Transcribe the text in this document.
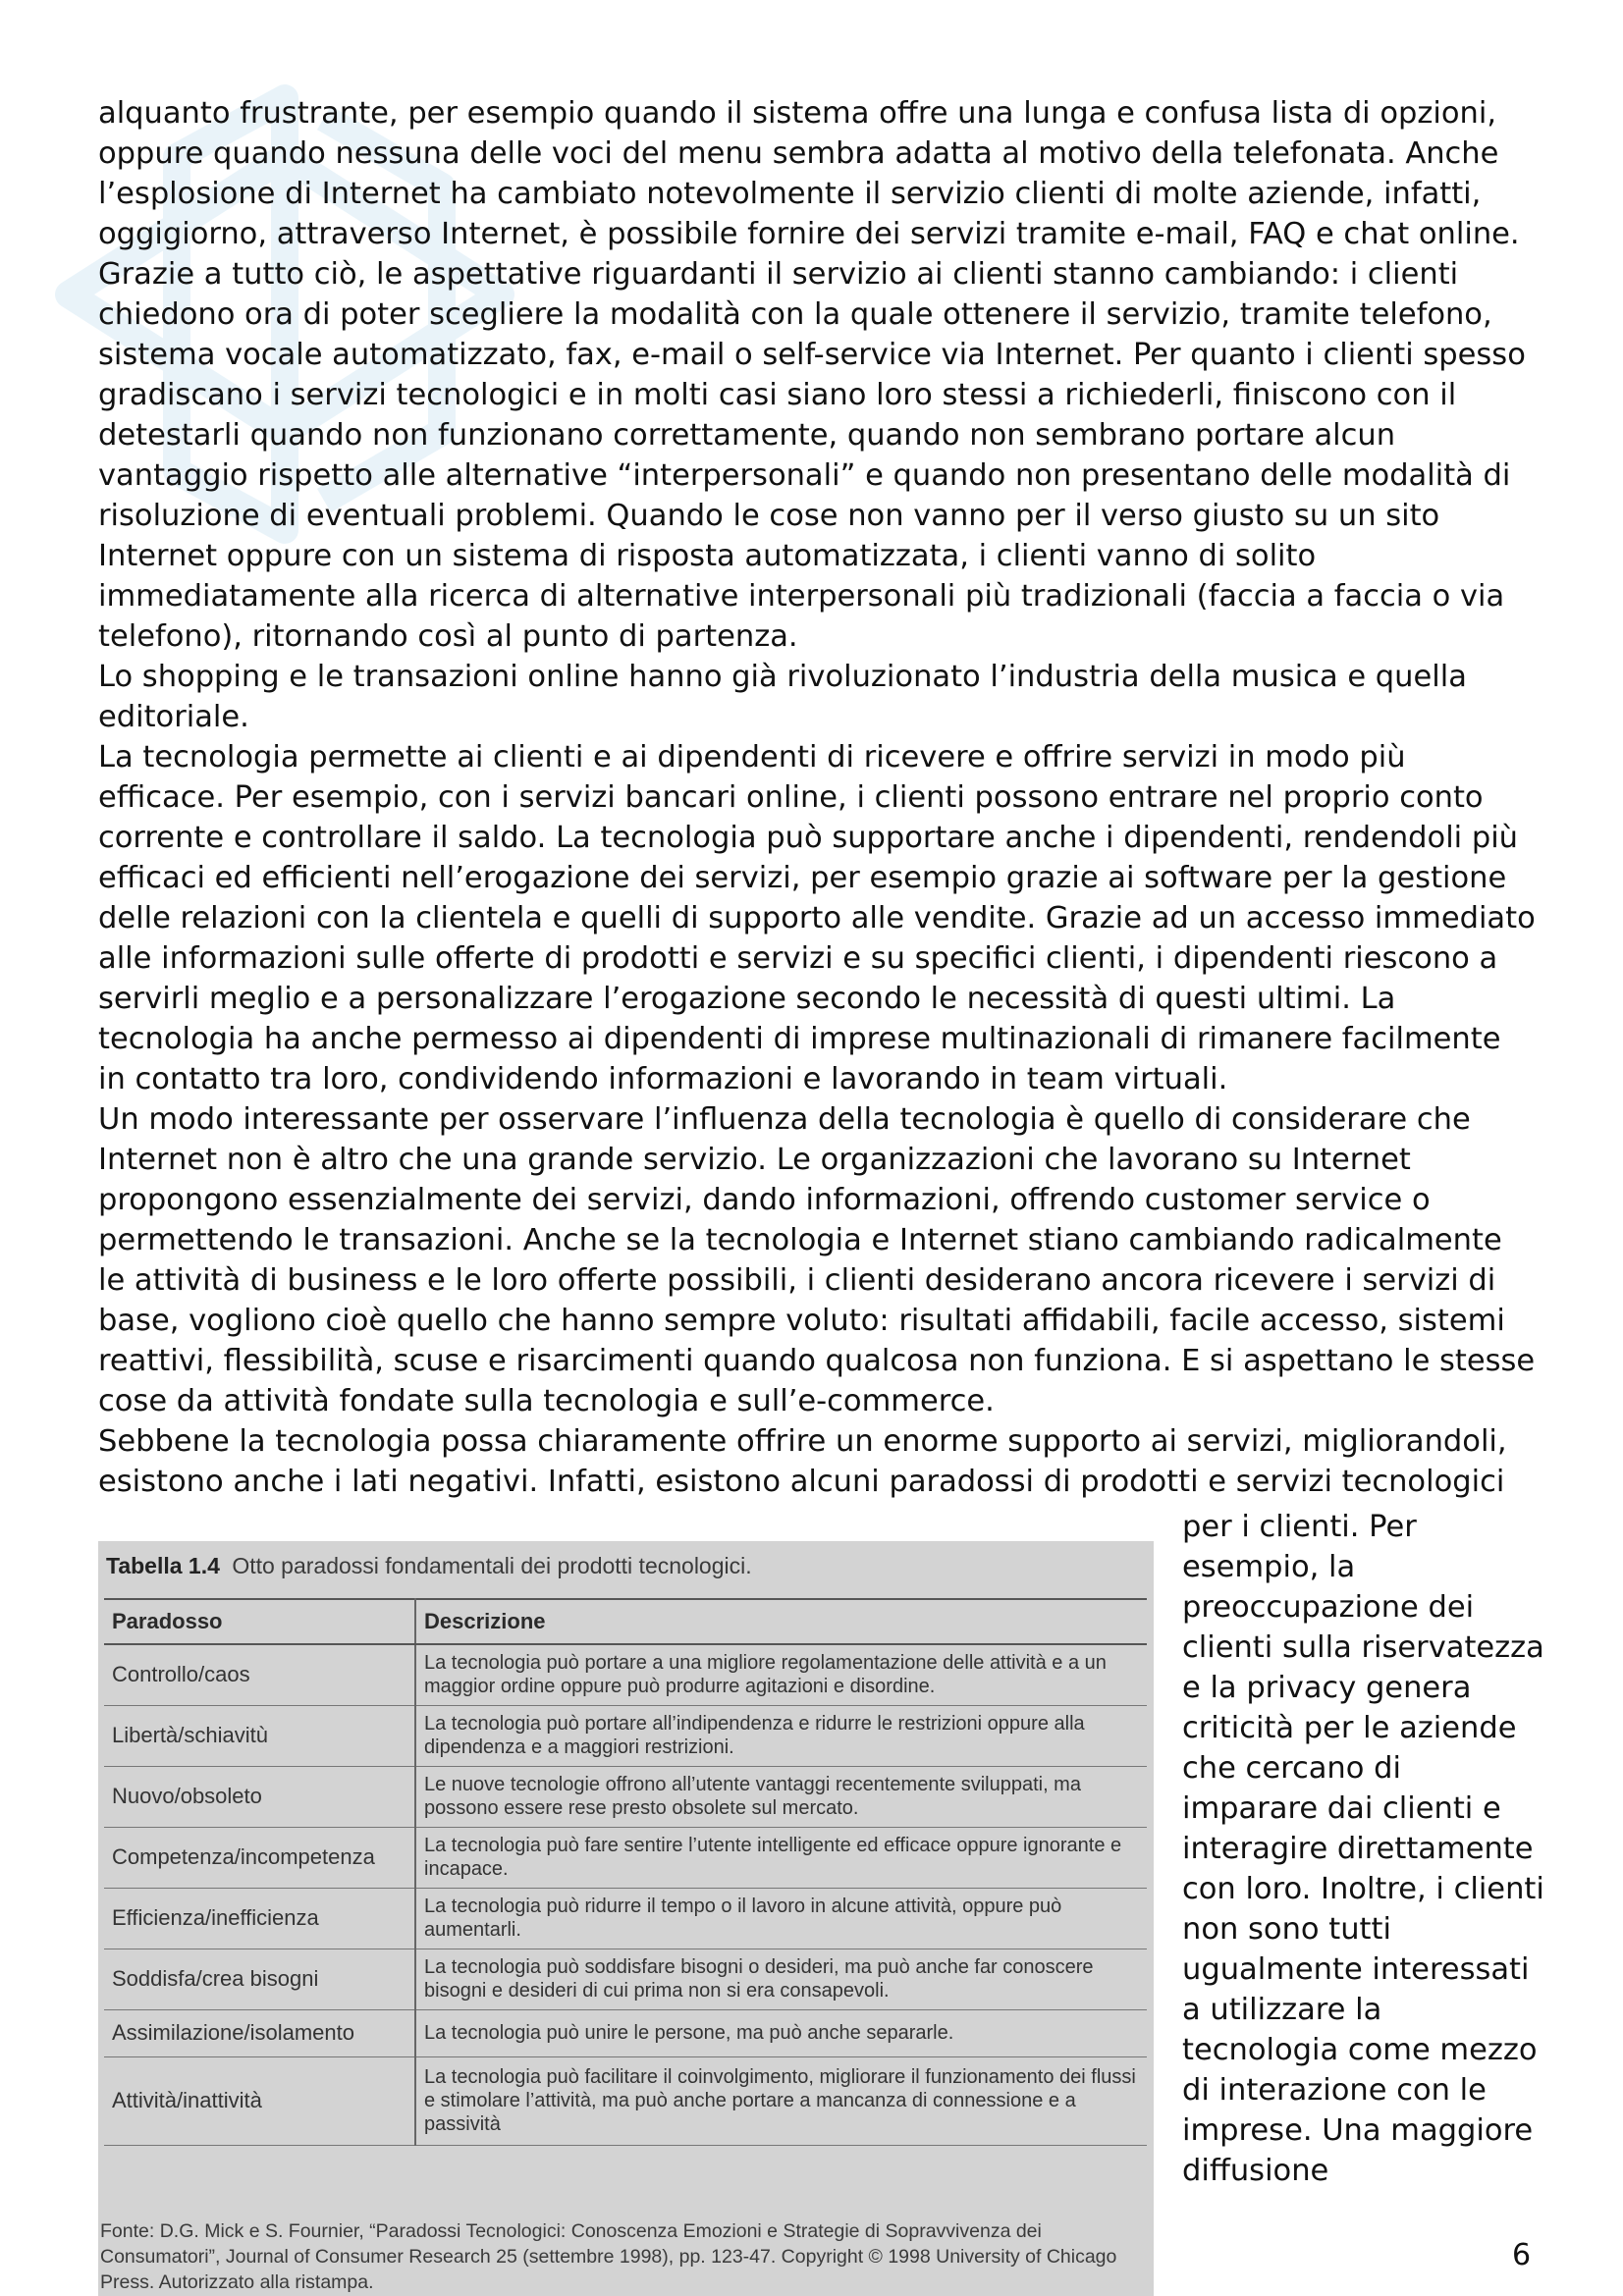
alquanto frustrante, per esempio quando il sistema offre una lunga e confusa lista di opzioni, oppure quando nessuna delle voci del menu sembra adatta al motivo della telefonata. Anche l’esplosione di Internet ha cambiato notevolmente il servizio clienti di molte aziende, infatti, oggigiorno, attraverso Internet, è possibile fornire dei servizi tramite e-mail, FAQ e chat online. Grazie a tutto ciò, le aspettative riguardanti il servizio ai clienti stanno cambiando: i clienti chiedono ora di poter scegliere la modalità con la quale ottenere il servizio, tramite telefono, sistema vocale automatizzato, fax, e-mail o self-service via Internet. Per quanto i clienti spesso gradiscano i servizi tecnologici e in molti casi siano loro stessi a richiederli, finiscono con il detestarli quando non funzionano correttamente, quando non sembrano portare alcun vantaggio rispetto alle alternative “interpersonali” e quando non presentano delle modalità di risoluzione di eventuali problemi. Quando le cose non vanno per il verso giusto su un sito Internet oppure con un sistema di risposta automatizzata, i clienti vanno di solito immediatamente alla ricerca di alternative interpersonali più tradizionali (faccia a faccia o via telefono), ritornando così al punto di partenza.

Lo shopping e le transazioni online hanno già rivoluzionato l’industria della musica e quella editoriale.

La tecnologia permette ai clienti e ai dipendenti di ricevere e offrire servizi in modo più efficace. Per esempio, con i servizi bancari online, i clienti possono entrare nel proprio conto corrente e controllare il saldo. La tecnologia può supportare anche i dipendenti, rendendoli più efficaci ed efficienti nell’erogazione dei servizi, per esempio grazie ai software per la gestione delle relazioni con la clientela e quelli di supporto alle vendite. Grazie ad un accesso immediato alle informazioni sulle offerte di prodotti e servizi e su specifici clienti, i dipendenti riescono a servirli meglio e a personalizzare l’erogazione secondo le necessità di questi ultimi. La tecnologia ha anche permesso ai dipendenti di imprese multinazionali di rimanere facilmente in contatto tra loro, condividendo informazioni e lavorando in team virtuali.

Un modo interessante per osservare l’influenza della tecnologia è quello di considerare che Internet non è altro che una grande servizio. Le organizzazioni che lavorano su Internet propongono essenzialmente dei servizi, dando informazioni, offrendo customer service o permettendo le transazioni. Anche se la tecnologia e Internet stiano cambiando radicalmente le attività di business e le loro offerte possibili, i clienti desiderano ancora ricevere i servizi di base, vogliono cioè quello che hanno sempre voluto: risultati affidabili, facile accesso, sistemi reattivi, flessibilità, scuse e risarcimenti quando qualcosa non funziona. E si aspettano le stesse cose da attività fondate sulla tecnologia e sull’e-commerce.

Sebbene la tecnologia possa chiaramente offrire un enorme supporto ai servizi, migliorandoli, esistono anche i lati negativi. Infatti, esistono alcuni paradossi di prodotti e servizi tecnologici

per i clienti. Per esempio, la preoccupazione dei clienti sulla riservatezza e la privacy genera criticità per le aziende che cercano di imparare dai clienti e interagire direttamente con loro. Inoltre, i clienti non sono tutti ugualmente interessati a utilizzare la tecnologia come mezzo di interazione con le imprese. Una maggiore diffusione

Tabella 1.4 Otto paradossi fondamentali dei prodotti tecnologici.
Paradosso	Descrizione
Controllo/caos	La tecnologia può portare a una migliore regolamentazione delle attività e a un maggior ordine oppure può produrre agitazioni e disordine.
Libertà/schiavitù	La tecnologia può portare all’indipendenza e ridurre le restrizioni oppure alla dipendenza e a maggiori restrizioni.
Nuovo/obsoleto	Le nuove tecnologie offrono all’utente vantaggi recentemente sviluppati, ma possono essere rese presto obsolete sul mercato.
Competenza/incompetenza	La tecnologia può fare sentire l’utente intelligente ed efficace oppure ignorante e incapace.
Efficienza/inefficienza	La tecnologia può ridurre il tempo o il lavoro in alcune attività, oppure può aumentarli.
Soddisfa/crea bisogni	La tecnologia può soddisfare bisogni o desideri, ma può anche far conoscere bisogni e desideri di cui prima non si era consapevoli.
Assimilazione/isolamento	La tecnologia può unire le persone, ma può anche separarle.
Attività/inattività	La tecnologia può facilitare il coinvolgimento, migliorare il funzionamento dei flussi e stimolare l’attività, ma può anche portare a mancanza di connessione e a passività
Fonte: D.G. Mick e S. Fournier, “Paradossi Tecnologici: Conoscenza Emozioni e Strategie di Sopravvivenza dei Consumatori”, Journal of Consumer Research 25 (settembre 1998), pp. 123-47. Copyright © 1998 University of Chicago Press. Autorizzato alla ristampa.
6
